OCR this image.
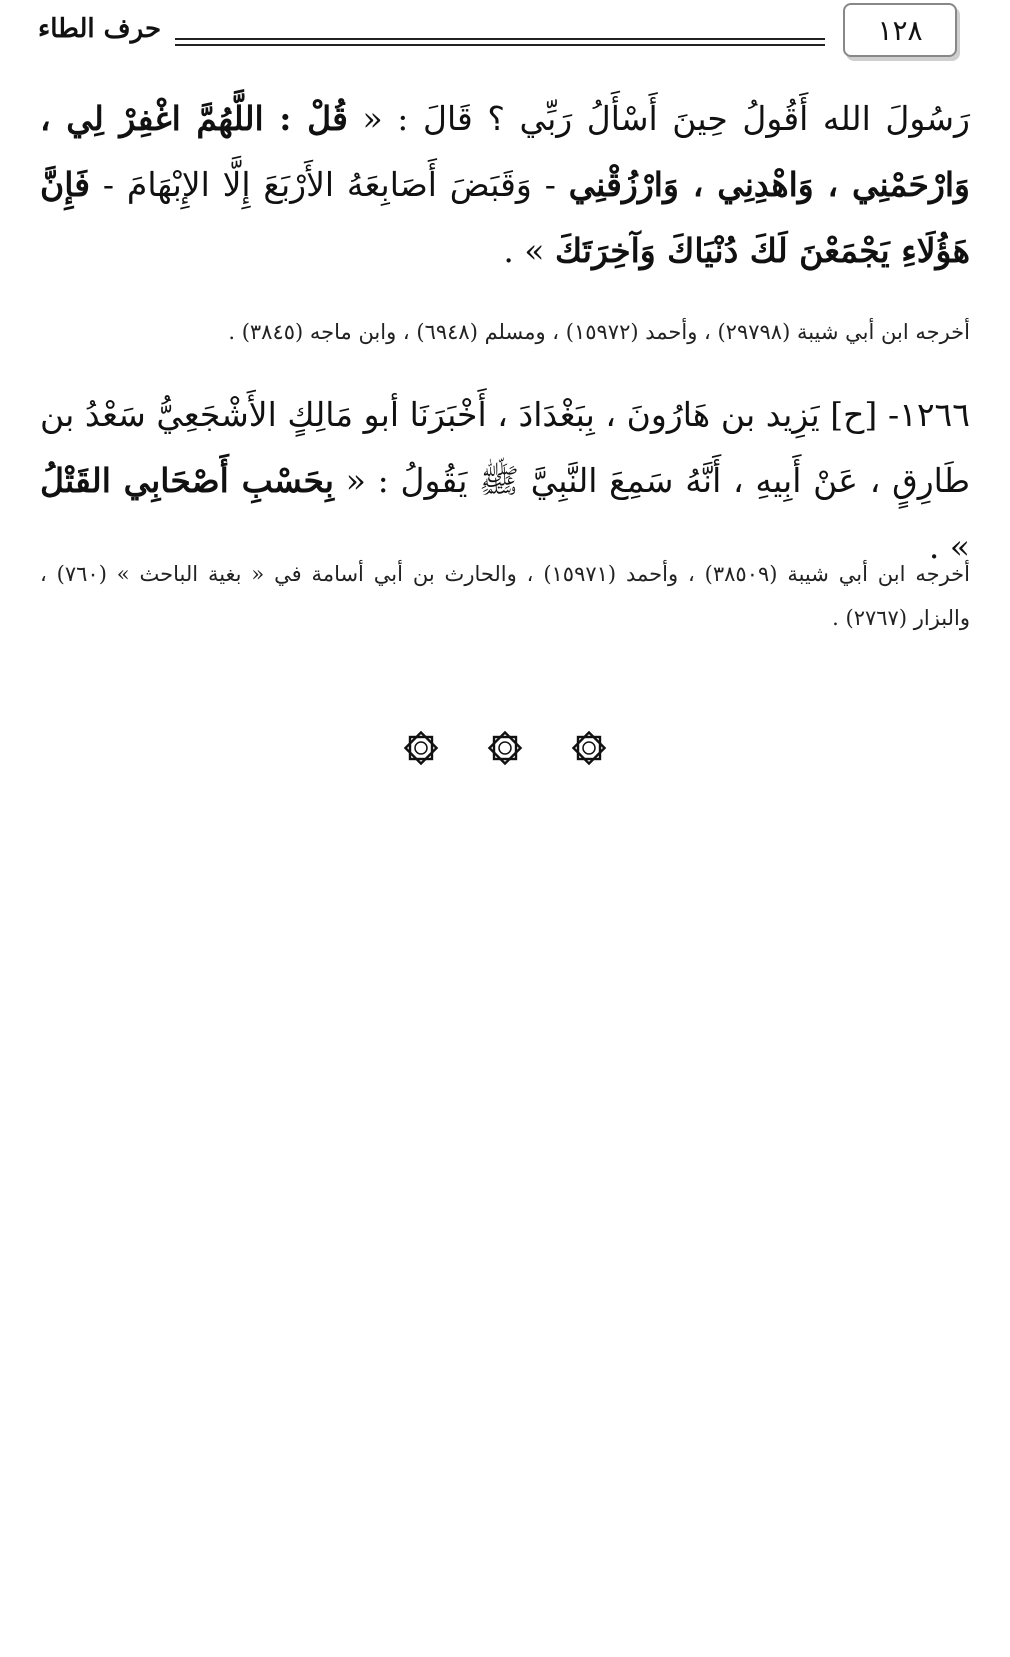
١٢٨
حرف الطاء
رَسُولَ الله أَقُولُ حِينَ أَسْأَلُ رَبِّي ؟ قَالَ : « قُلْ : اللَّهُمَّ اغْفِرْ لِي ، وَارْحَمْنِي ، وَاهْدِنِي ، وَارْزُقْنِي - وَقَبَضَ أَصَابِعَهُ الأَرْبَعَ إِلَّا الإِبْهَامَ - فَإِنَّ هَؤُلَاءِ يَجْمَعْنَ لَكَ دُنْيَاكَ وَآخِرَتَكَ » .
أخرجه ابن أبي شيبة (٢٩٧٩٨) ، وأحمد (١٥٩٧٢) ، ومسلم (٦٩٤٨) ، وابن ماجه (٣٨٤٥) .
١٢٦٦- [ح] يَزِيد بن هَارُونَ ، بِبَغْدَادَ ، أَخْبَرَنَا أبو مَالِكٍ الأَشْجَعِيُّ سَعْدُ بن طَارِقٍ ، عَنْ أَبِيهِ ، أَنَّهُ سَمِعَ النَّبِيَّ ﷺ يَقُولُ : « بِحَسْبِ أَصْحَابِي القَتْلُ » .
أخرجه ابن أبي شيبة (٣٨٥٠٩) ، وأحمد (١٥٩٧١) ، والحارث بن أبي أسامة في « بغية الباحث » (٧٦٠) ، والبزار (٢٧٦٧) .
